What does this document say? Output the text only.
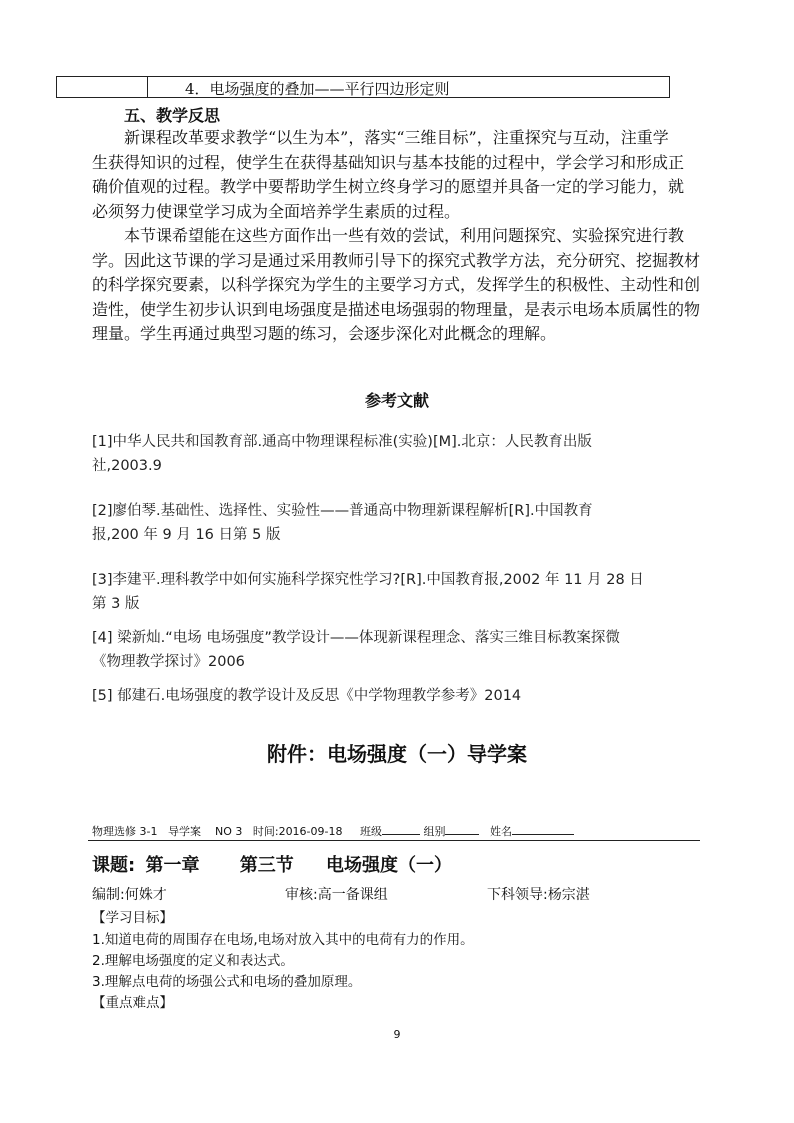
4．电场强度的叠加——平行四边形定则
五、教学反思
新课程改革要求教学“以生为本”，落实“三维目标”，注重探究与互动，注重学
生获得知识的过程，使学生在获得基础知识与基本技能的过程中，学会学习和形成正
确价值观的过程。教学中要帮助学生树立终身学习的愿望并具备一定的学习能力，就
必须努力使课堂学习成为全面培养学生素质的过程。
本节课希望能在这些方面作出一些有效的尝试，利用问题探究、实验探究进行教
学。因此这节课的学习是通过采用教师引导下的探究式教学方法，充分研究、挖掘教材
的科学探究要素，以科学探究为学生的主要学习方式，发挥学生的积极性、主动性和创
造性，使学生初步认识到电场强度是描述电场强弱的物理量，是表示电场本质属性的物
理量。学生再通过典型习题的练习，会逐步深化对此概念的理解。
参考文献
[1]中华人民共和国教育部.通高中物理课程标准(实验)[M].北京：人民教育出版
社,2003.9
[2]廖伯琴.基础性、选择性、实验性——普通高中物理新课程解析[R].中国教育
报,200 年 9 月 16 日第 5 版
[3]李建平.理科教学中如何实施科学探究性学习?[R].中国教育报,2002 年 11 月 28 日
第 3 版
[4] 梁新灿.“电场 电场强度”教学设计——体现新课程理念、落实三维目标教案探微
《物理教学探讨》2006
[5] 郁建石.电场强度的教学设计及反思《中学物理教学参考》2014
附件：电场强度（一）导学案
物理选修 3-1 导学案 NO 3 时间:2016-09-18 班级	组别	姓名
课题: 第一章 第三节 电场强度（一）
编制:何姝才	审核:高一备课组	下科领导:杨宗湛
【学习目标】
1.知道电荷的周围存在电场,电场对放入其中的电荷有力的作用。
2.理解电场强度的定义和表达式。
3.理解点电荷的场强公式和电场的叠加原理。
【重点难点】
9
